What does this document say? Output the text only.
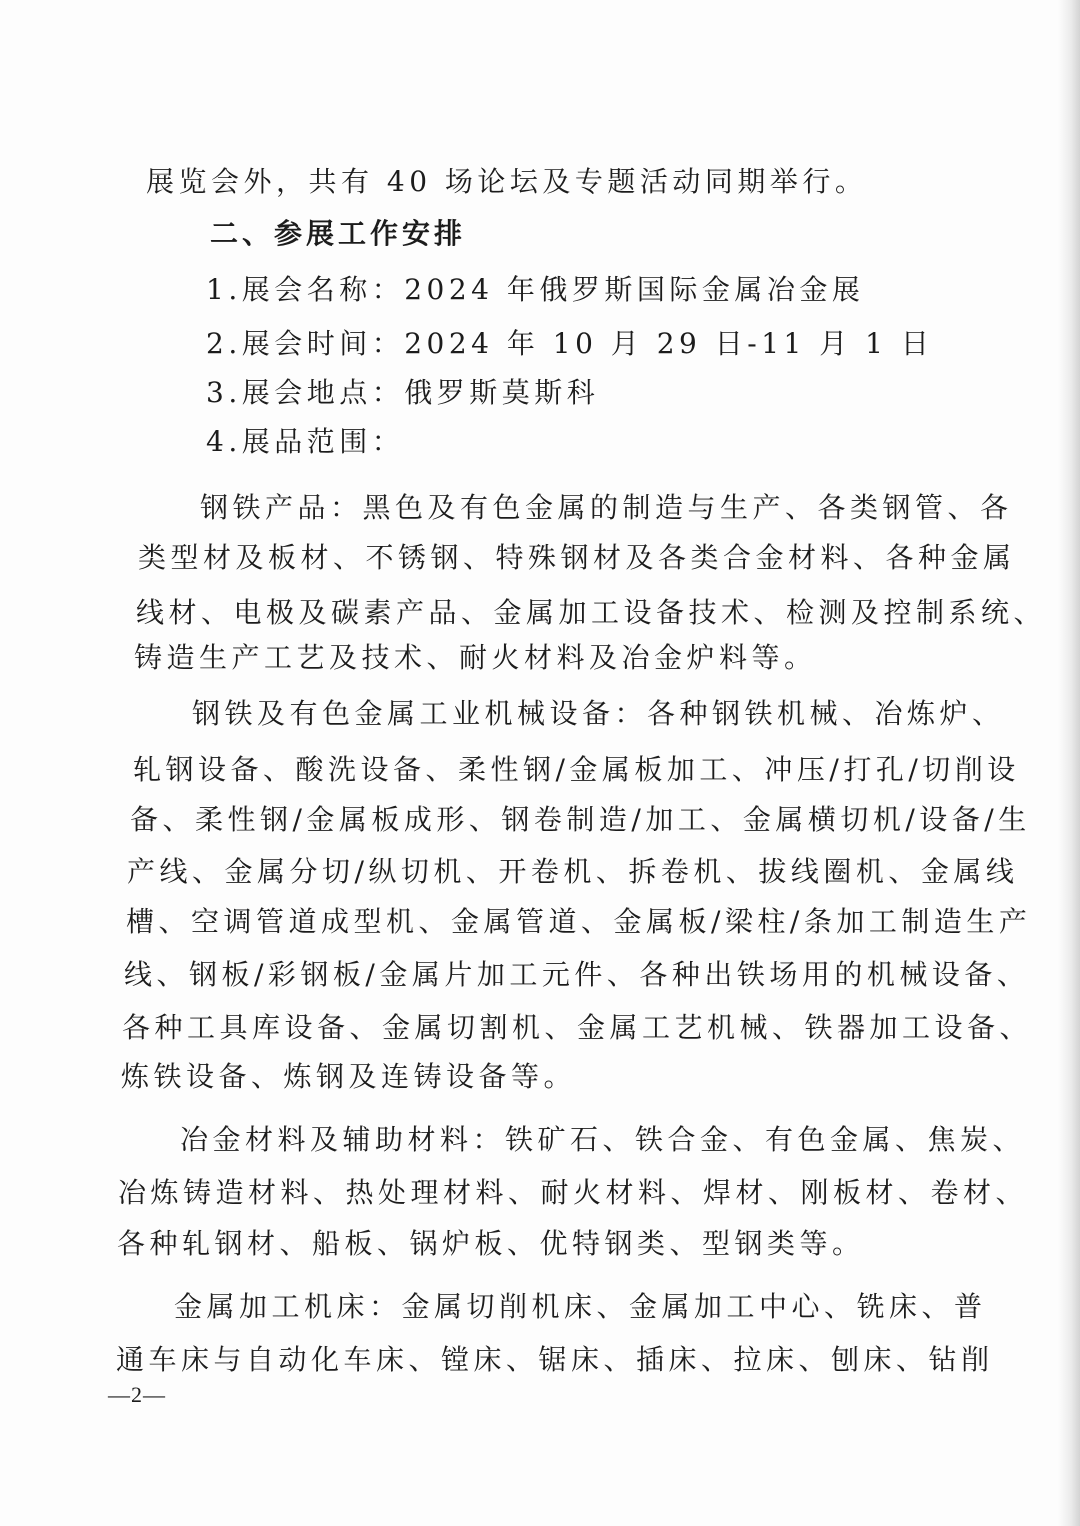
展览会外，共有 40 场论坛及专题活动同期举行。
二、参展工作安排
1.展会名称：2024 年俄罗斯国际金属冶金展
2.展会时间：2024 年 10 月 29 日-11 月 1 日
3.展会地点：俄罗斯莫斯科
4.展品范围：
钢铁产品：黑色及有色金属的制造与生产、各类钢管、各
类型材及板材、不锈钢、特殊钢材及各类合金材料、各种金属
线材、电极及碳素产品、金属加工设备技术、检测及控制系统、
铸造生产工艺及技术、耐火材料及冶金炉料等。
钢铁及有色金属工业机械设备：各种钢铁机械、冶炼炉、
轧钢设备、酸洗设备、柔性钢/金属板加工、冲压/打孔/切削设
备、柔性钢/金属板成形、钢卷制造/加工、金属横切机/设备/生
产线、金属分切/纵切机、开卷机、拆卷机、拔线圈机、金属线
槽、空调管道成型机、金属管道、金属板/梁柱/条加工制造生产
线、钢板/彩钢板/金属片加工元件、各种出铁场用的机械设备、
各种工具库设备、金属切割机、金属工艺机械、铁器加工设备、
炼铁设备、炼钢及连铸设备等。
冶金材料及辅助材料：铁矿石、铁合金、有色金属、焦炭、
冶炼铸造材料、热处理材料、耐火材料、焊材、刚板材、卷材、
各种轧钢材、船板、锅炉板、优特钢类、型钢类等。
金属加工机床：金属切削机床、金属加工中心、铣床、普
通车床与自动化车床、镗床、锯床、插床、拉床、刨床、钻削
—2—
